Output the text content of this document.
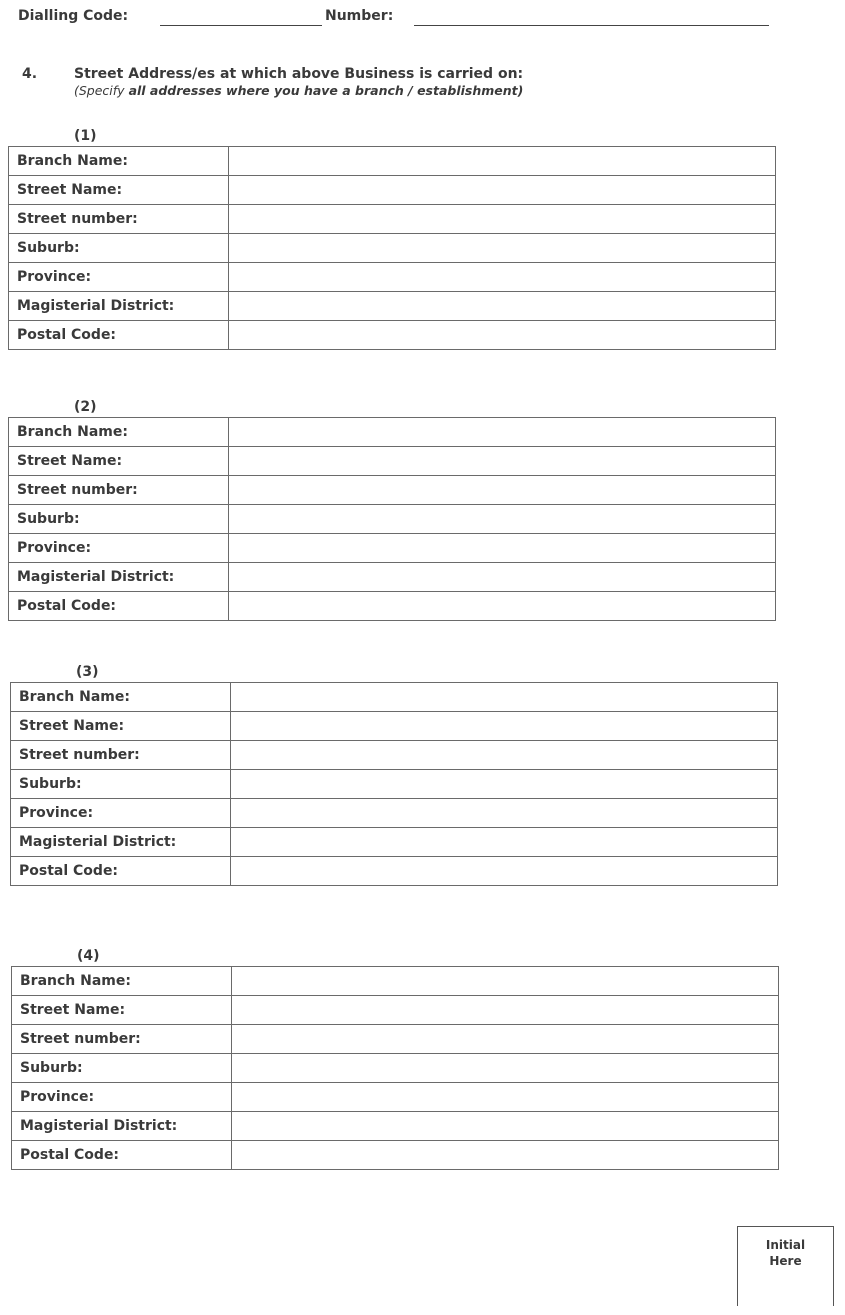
Dialling Code:	Number:
4.	Street Address/es at which above Business is carried on:
(Specify all addresses where you have a branch / establishment)
(1)
Branch Name:	
Street Name:	
Street number:	
Suburb:	
Province:	
Magisterial District:	
Postal Code:	
(2)
Branch Name:	
Street Name:	
Street number:	
Suburb:	
Province:	
Magisterial District:	
Postal Code:	
(3)
Branch Name:	
Street Name:	
Street number:	
Suburb:	
Province:	
Magisterial District:	
Postal Code:	
(4)
Branch Name:	
Street Name:	
Street number:	
Suburb:	
Province:	
Magisterial District:	
Postal Code:	
Initial
Here
